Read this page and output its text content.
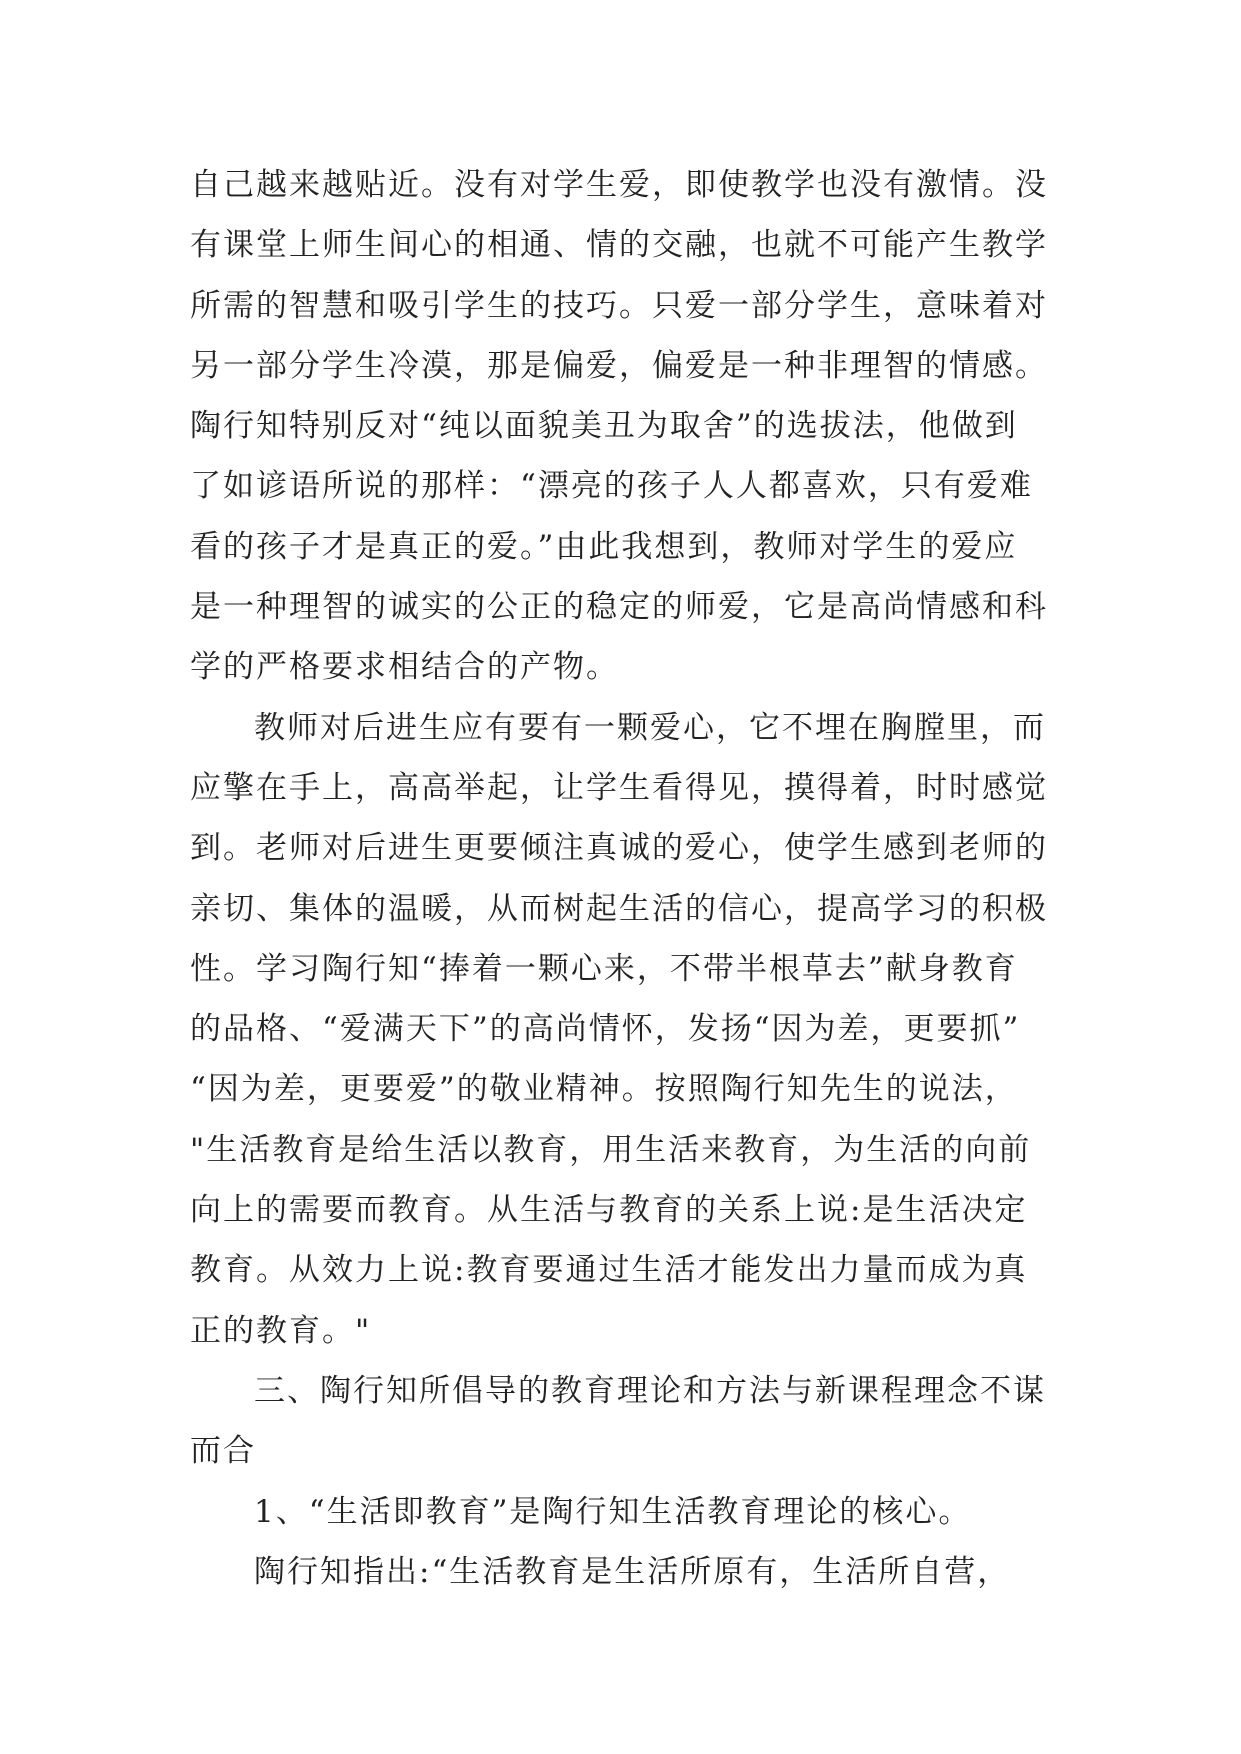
自己越来越贴近。没有对学生爱，即使教学也没有激情。没
有课堂上师生间心的相通、情的交融，也就不可能产生教学
所需的智慧和吸引学生的技巧。只爱一部分学生，意味着对
另一部分学生冷漠，那是偏爱，偏爱是一种非理智的情感。
陶行知特别反对“纯以面貌美丑为取舍”的选拔法，他做到
了如谚语所说的那样：“漂亮的孩子人人都喜欢，只有爱难
看的孩子才是真正的爱。”由此我想到，教师对学生的爱应
是一种理智的诚实的公正的稳定的师爱，它是高尚情感和科
学的严格要求相结合的产物。
教师对后进生应有要有一颗爱心，它不埋在胸膛里，而
应擎在手上，高高举起，让学生看得见，摸得着，时时感觉
到。老师对后进生更要倾注真诚的爱心，使学生感到老师的
亲切、集体的温暖，从而树起生活的信心，提高学习的积极
性。学习陶行知“捧着一颗心来，不带半根草去”献身教育
的品格、“爱满天下”的高尚情怀，发扬“因为差，更要抓”
“因为差，更要爱”的敬业精神。按照陶行知先生的说法，
"生活教育是给生活以教育，用生活来教育，为生活的向前
向上的需要而教育。从生活与教育的关系上说:是生活决定
教育。从效力上说:教育要通过生活才能发出力量而成为真
正的教育。"
三、陶行知所倡导的教育理论和方法与新课程理念不谋
而合
1、“生活即教育”是陶行知生活教育理论的核心。
陶行知指出:“生活教育是生活所原有，生活所自营，
